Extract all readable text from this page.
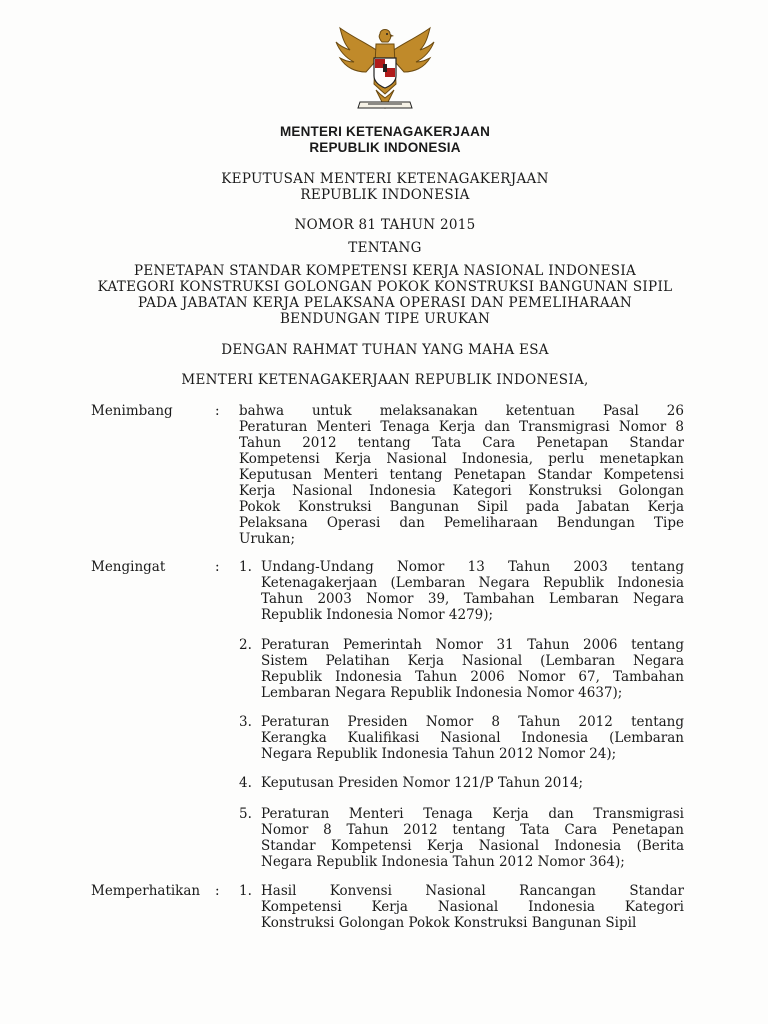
MENTERI KETENAGAKERJAAN
REPUBLIK INDONESIA
KEPUTUSAN MENTERI KETENAGAKERJAAN
REPUBLIK INDONESIA
NOMOR 81 TAHUN 2015
TENTANG
PENETAPAN STANDAR KOMPETENSI KERJA NASIONAL INDONESIA
KATEGORI KONSTRUKSI GOLONGAN POKOK KONSTRUKSI BANGUNAN SIPIL
PADA JABATAN KERJA PELAKSANA OPERASI DAN PEMELIHARAAN
BENDUNGAN TIPE URUKAN
DENGAN RAHMAT TUHAN YANG MAHA ESA
MENTERI KETENAGAKERJAAN REPUBLIK INDONESIA,
Menimbang	: bahwa untuk melaksanakan ketentuan Pasal 26
Peraturan Menteri Tenaga Kerja dan Transmigrasi Nomor 8
Tahun 2012 tentang Tata Cara Penetapan Standar
Kompetensi Kerja Nasional Indonesia, perlu menetapkan
Keputusan Menteri tentang Penetapan Standar Kompetensi
Kerja Nasional Indonesia Kategori Konstruksi Golongan
Pokok Konstruksi Bangunan Sipil pada Jabatan Kerja
Pelaksana Operasi dan Pemeliharaan Bendungan Tipe
Urukan;
Mengingat	: 1. Undang-Undang Nomor 13 Tahun 2003 tentang
Ketenagakerjaan (Lembaran Negara Republik Indonesia
Tahun 2003 Nomor 39, Tambahan Lembaran Negara
Republik Indonesia Nomor 4279);
2. Peraturan Pemerintah Nomor 31 Tahun 2006 tentang
Sistem Pelatihan Kerja Nasional (Lembaran Negara
Republik Indonesia Tahun 2006 Nomor 67, Tambahan
Lembaran Negara Republik Indonesia Nomor 4637);
3. Peraturan Presiden Nomor 8 Tahun 2012 tentang
Kerangka Kualifikasi Nasional Indonesia (Lembaran
Negara Republik Indonesia Tahun 2012 Nomor 24);
4. Keputusan Presiden Nomor 121/P Tahun 2014;
5. Peraturan Menteri Tenaga Kerja dan Transmigrasi
Nomor 8 Tahun 2012 tentang Tata Cara Penetapan
Standar Kompetensi Kerja Nasional Indonesia (Berita
Negara Republik Indonesia Tahun 2012 Nomor 364);
Memperhatikan : 1. Hasil Konvensi Nasional Rancangan Standar
Kompetensi Kerja Nasional Indonesia Kategori
Konstruksi Golongan Pokok Konstruksi Bangunan Sipil
